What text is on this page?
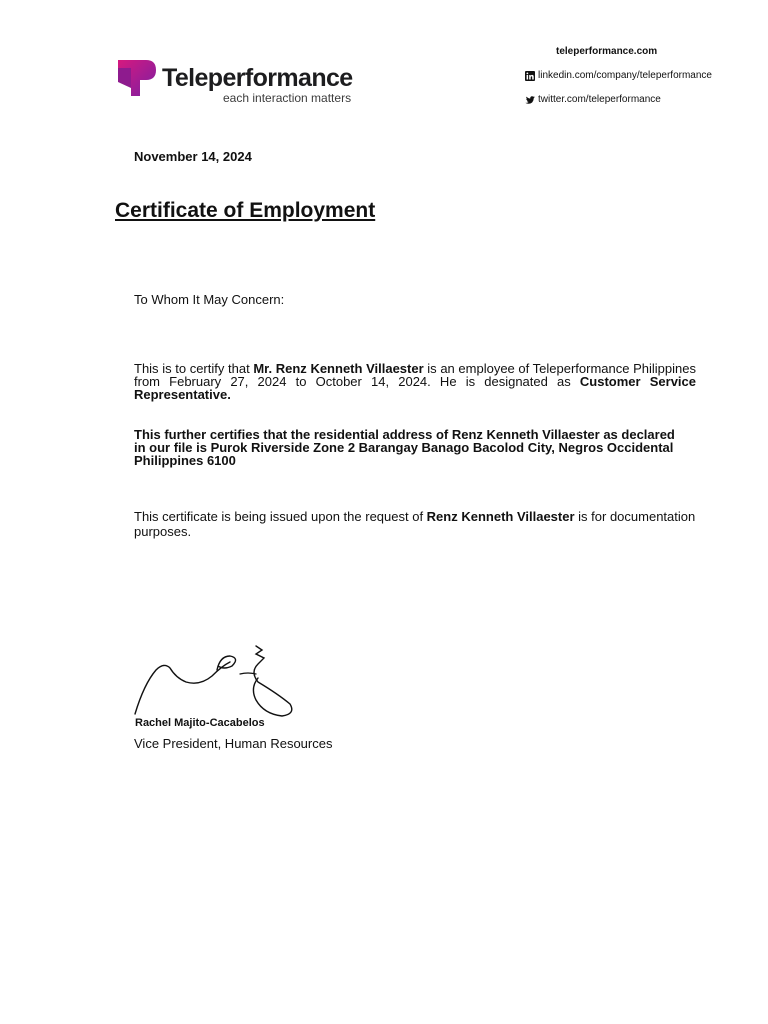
Teleperformance
each interaction matters
teleperformance.com
linkedin.com/company/teleperformance
twitter.com/teleperformance
November 14, 2024
Certificate of Employment
To Whom It May Concern:

This is to certify that Mr. Renz Kenneth Villaester is an employee of Teleperformance Philippines from February 27, 2024 to October 14, 2024. He is designated as Customer Service Representative.

This further certifies that the residential address of Renz Kenneth Villaester as declared in our file is Purok Riverside Zone 2 Barangay Banago Bacolod City, Negros Occidental Philippines 6100

This certificate is being issued upon the request of Renz Kenneth Villaester is for documentation purposes.

Rachel Majito-Cacabelos
Vice President, Human Resources
